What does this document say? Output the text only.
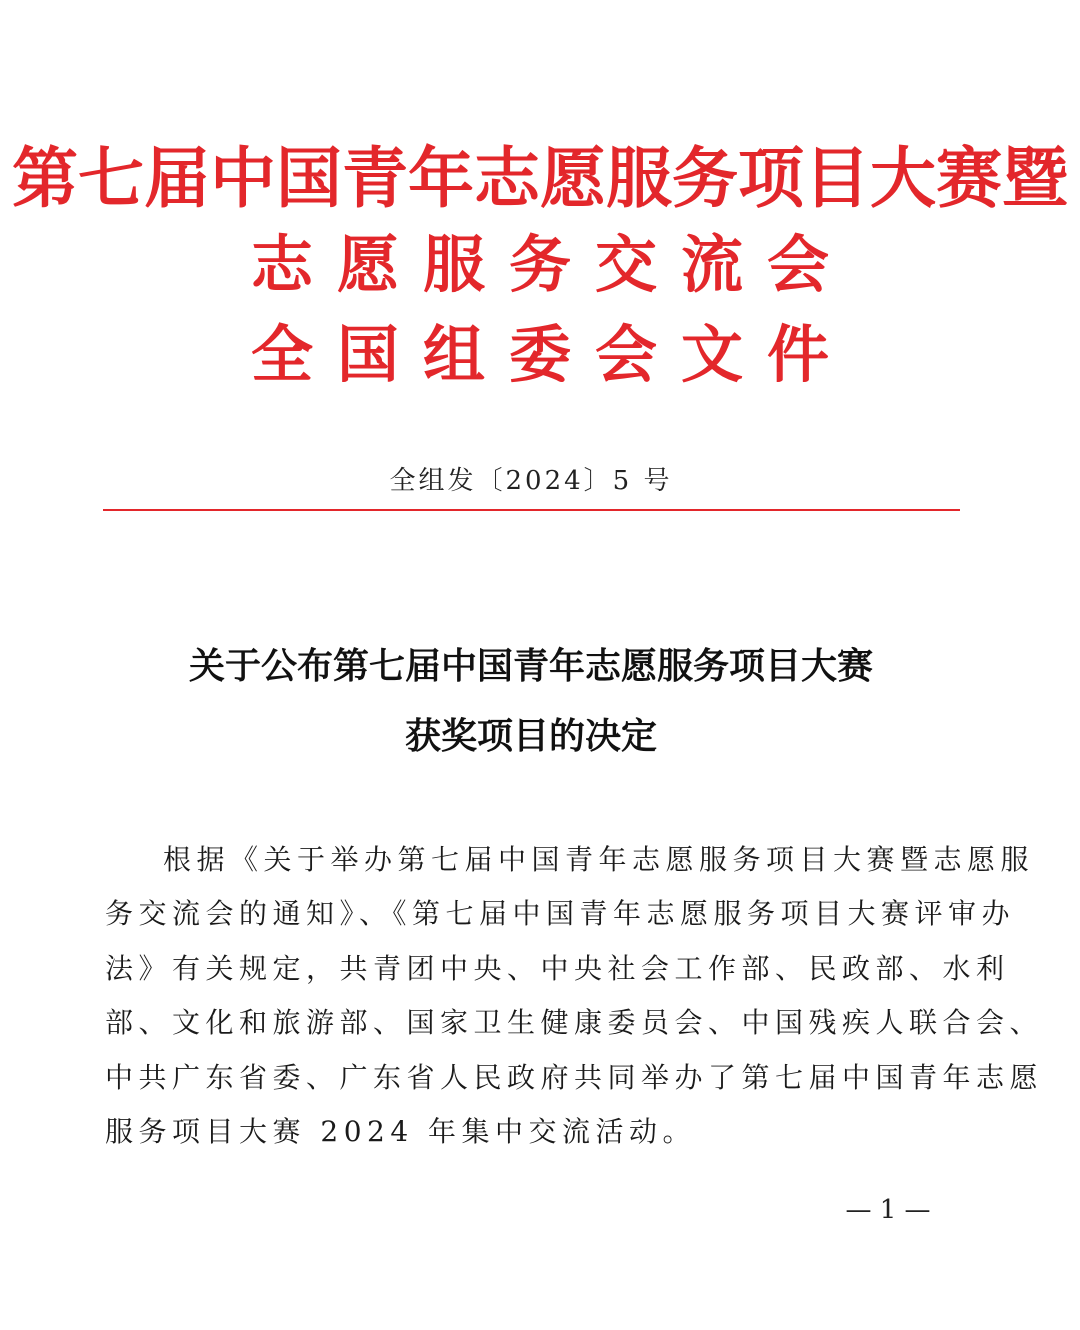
第七届中国青年志愿服务项目大赛暨
志愿服务交流会
全国组委会文件
全组发〔2024〕5 号
关于公布第七届中国青年志愿服务项目大赛
获奖项目的决定
根据《关于举办第七届中国青年志愿服务项目大赛暨志愿服
务交流会的通知》、《第七届中国青年志愿服务项目大赛评审办
法》有关规定，共青团中央、中央社会工作部、民政部、水利
部、文化和旅游部、国家卫生健康委员会、中国残疾人联合会、
中共广东省委、广东省人民政府共同举办了第七届中国青年志愿
服务项目大赛 2024 年集中交流活动。
— 1 —
